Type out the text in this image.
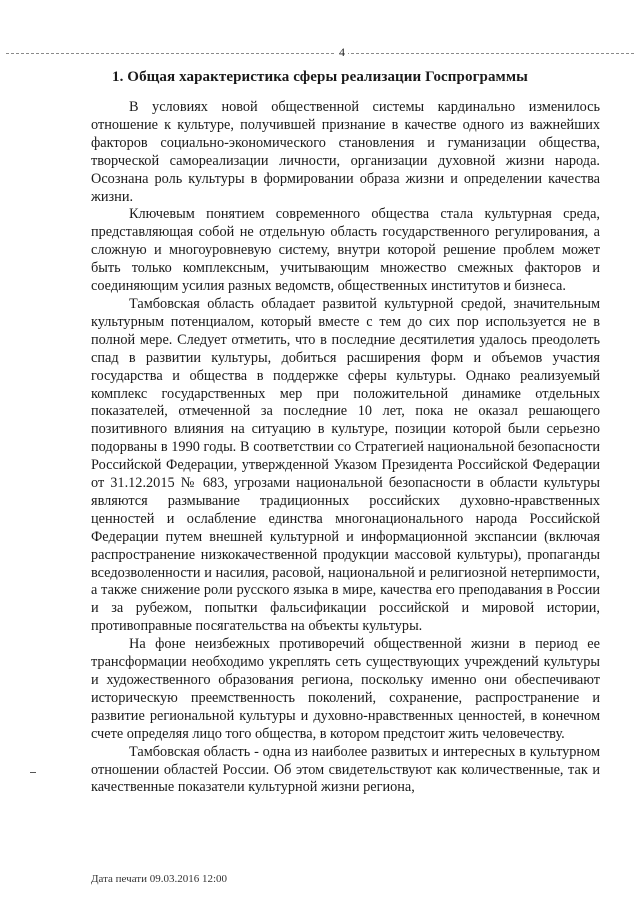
4
1. Общая характеристика сферы реализации Госпрограммы

В условиях новой общественной системы кардинально изменилось отношение к культуре, получившей признание в качестве одного из важнейших факторов социально-экономического становления и гуманизации общества, творческой самореализации личности, организации духовной жизни народа. Осознана роль культуры в формировании образа жизни и определении качества жизни.

Ключевым понятием современного общества стала культурная среда, представляющая собой не отдельную область государственного регулирования, а сложную и многоуровневую систему, внутри которой решение проблем может быть только комплексным, учитывающим множество смежных факторов и соединяющим усилия разных ведомств, общественных институтов и бизнеса.

Тамбовская область обладает развитой культурной средой, значительным культурным потенциалом, который вместе с тем до сих пор используется не в полной мере. Следует отметить, что в последние десятилетия удалось преодолеть спад в развитии культуры, добиться расширения форм и объемов участия государства и общества в поддержке сферы культуры. Однако реализуемый комплекс государственных мер при положительной динамике отдельных показателей, отмеченной за последние 10 лет, пока не оказал решающего позитивного влияния на ситуацию в культуре, позиции которой были серьезно подорваны в 1990 годы. В соответствии со Стратегией национальной безопасности Российской Федерации, утвержденной Указом Президента Российской Федерации от 31.12.2015 № 683, угрозами национальной безопасности в области культуры являются размывание традиционных российских духовно-нравственных ценностей и ослабление единства многонационального народа Российской Федерации путем внешней культурной и информационной экспансии (включая распространение низкокачественной продукции массовой культуры), пропаганды вседозволенности и насилия, расовой, национальной и религиозной нетерпимости, а также снижение роли русского языка в мире, качества его преподавания в России и за рубежом, попытки фальсификации российской и мировой истории, противоправные посягательства на объекты культуры.

На фоне неизбежных противоречий общественной жизни в период ее трансформации необходимо укреплять сеть существующих учреждений культуры и художественного образования региона, поскольку именно они обеспечивают историческую преемственность поколений, сохранение, распространение и развитие региональной культуры и духовно-нравственных ценностей, в конечном счете определяя лицо того общества, в котором предстоит жить человечеству.

Тамбовская область - одна из наиболее развитых и интересных в культурном отношении областей России. Об этом свидетельствуют как количественные, так и качественные показатели культурной жизни региона,

Дата печати 09.03.2016 12:00
